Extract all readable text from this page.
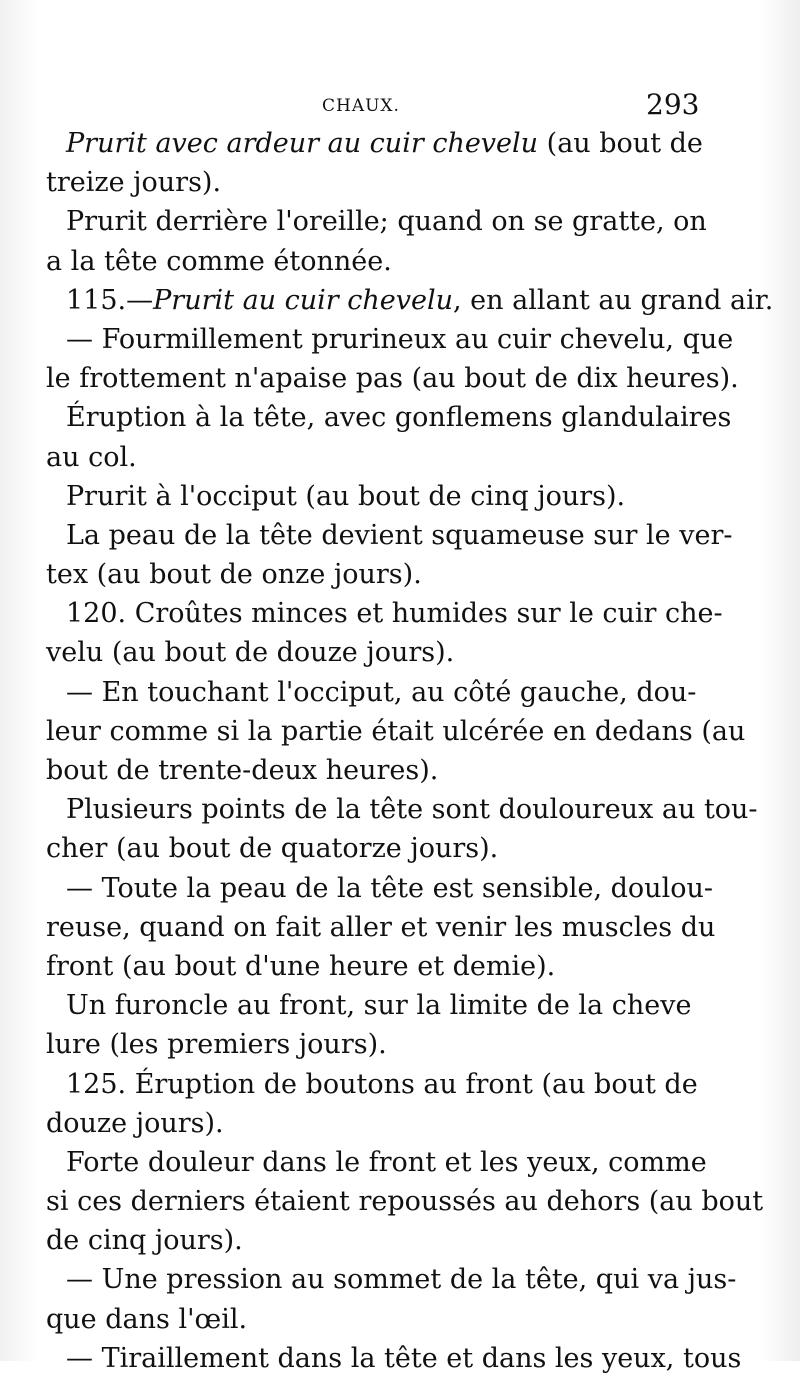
CHAUX.	293
Prurit avec ardeur au cuir chevelu (au bout de
treize jours).
Prurit derrière l'oreille; quand on se gratte, on
a la tête comme étonnée.
115.—Prurit au cuir chevelu, en allant au grand air.
— Fourmillement prurineux au cuir chevelu, que
le frottement n'apaise pas (au bout de dix heures).
Éruption à la tête, avec gonflemens glandulaires
au col.
Prurit à l'occiput (au bout de cinq jours).
La peau de la tête devient squameuse sur le ver-
tex (au bout de onze jours).
120. Croûtes minces et humides sur le cuir che-
velu (au bout de douze jours).
— En touchant l'occiput, au côté gauche, dou-
leur comme si la partie était ulcérée en dedans (au
bout de trente-deux heures).
Plusieurs points de la tête sont douloureux au tou-
cher (au bout de quatorze jours).
— Toute la peau de la tête est sensible, doulou-
reuse, quand on fait aller et venir les muscles du
front (au bout d'une heure et demie).
Un furoncle au front, sur la limite de la cheve
lure (les premiers jours).
125. Éruption de boutons au front (au bout de
douze jours).
Forte douleur dans le front et les yeux, comme
si ces derniers étaient repoussés au dehors (au bout
de cinq jours).
— Une pression au sommet de la tête, qui va jus-
que dans l'œil.
— Tiraillement dans la tête et dans les yeux, tous
